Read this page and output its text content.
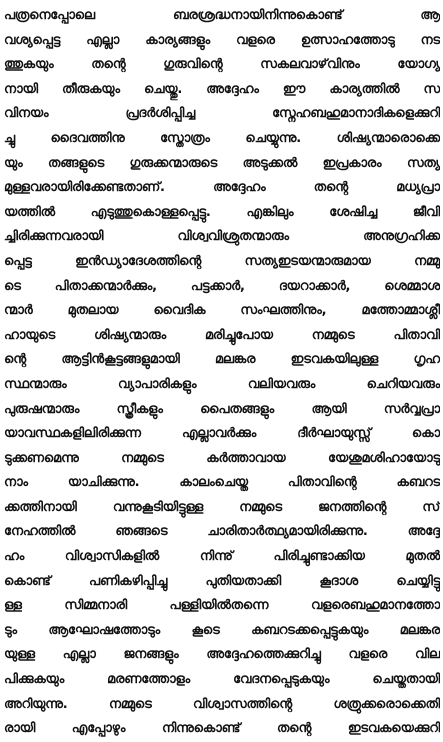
പത്രനെപ്പോലെ ബരശ്രദ്ധനായിനിന്നുകൊണ്ട് ആ
വശ്യപ്പെട്ട എല്ലാ കാര്യങ്ങളും വളരെ ഉത്സാഹത്തോടു നട
ത്തുകയും തന്റെ ഗുരുവിന്റെ സകലവാഴ്‌വിനും യോഗ്യ
നായി തീരുകയും ചെയ്തു. അദ്ദേഹം ഈ കാര്യത്തിൽ സ
വിനയം പ്രദർശിപ്പിച്ച സ്നേഹബഹുമാനാദികളെക്കുറി
ച്ചു ദൈവത്തിനു സ്തോത്രം ചെയ്യുന്നു. ശിഷ്യന്മാരൊക്കെ
യും തങ്ങളുടെ ഗുരുക്കന്മാരുടെ അടുക്കൽ ഇപ്രകാരം സത്യ
മുള്ളവരായിരിക്കേണ്ടതാണ്. അദ്ദേഹം തന്റെ മധ്യപ്രാ
യത്തിൽ എടുത്തുകൊള്ളപ്പെട്ടു. എങ്കിലും ശേഷിച്ച ജീവി
ച്ചിരിക്കുന്നവരായി വിശ്വവിശ്രുതന്മാരും അനുഗ്രഹിക്ക
പ്പെട്ട ഇൻഡ്യാദേശത്തിന്റെ സത്യഇടയന്മാരുമായ നമ്മു
ടെ പിതാക്കന്മാർക്കും, പട്ടക്കാർ, ദയറാക്കാർ, ശെമ്മാശ
ന്മാർ മുതലായ വൈദിക സംഘത്തിനും, മത്തോമ്മാശ്ലീ
ഹായുടെ ശിഷ്യന്മാരും മരിച്ചുപോയ നമ്മുടെ പിതാവി
ന്റെ ആട്ടിൻകൂട്ടങ്ങളുമായി മലങ്കര ഇടവകയിലുള്ള ഗൃഹ
സ്ഥന്മാരും വ്യാപാരികളും വലിയവരും ചെറിയവരും
പുരുഷന്മാരും സ്ത്രീകളും പൈതങ്ങളും ആയി സർവ്വപ്രാ
യാവസ്ഥകളിലിരിക്കുന്ന എല്ലാവർക്കും ദീർഘായുസ്സ് കൊ
ടുക്കണമെന്നു നമ്മുടെ കർത്താവായ യേശുമശിഹായോടു
നാം യാചിക്കുന്നു. കാലംചെയ്ത പിതാവിന്റെ കബറട
ക്കത്തിനായി വന്നുകൂടിയിട്ടുള്ള നമ്മുടെ ജനത്തിന്റെ സ്
നേഹത്തിൽ ഞങ്ങടെ ചാരിതാർത്ഥ്യമായിരിക്കുന്നു. അദ്ദേ
ഹം വിശ്വാസികളിൽ നിന്നു് പിരിച്ചുണ്ടാക്കിയ മുതൽ
കൊണ്ട് പണികഴിപ്പിച്ചു പുതിയതാക്കി കൂദാശ ചെയ്യിട്ടു
ള്ള സിമ്മനാരി പള്ളിയിൽതന്നെ വളരെബഹുമാനത്തോ
ടും ആഘോഷത്തോടും കൂടെ കബറടക്കപ്പെട്ടുകയും മലങ്കര
യുള്ള എല്ലാ ജനങ്ങളും അദ്ദേഹത്തെക്കുറിച്ചു വളരെ വില
പിക്കുകയും മരണത്തോളം വേദനപ്പെടുകയും ചെയ്തതായി
അറിയുന്നു. നമ്മുടെ വിശ്വാസത്തിന്റെ ശത്രുക്കരൊക്കെതി
രായി എപ്പോഴും നിന്നുകൊണ്ട് തന്റെ ഇടവകയെക്കുറി
